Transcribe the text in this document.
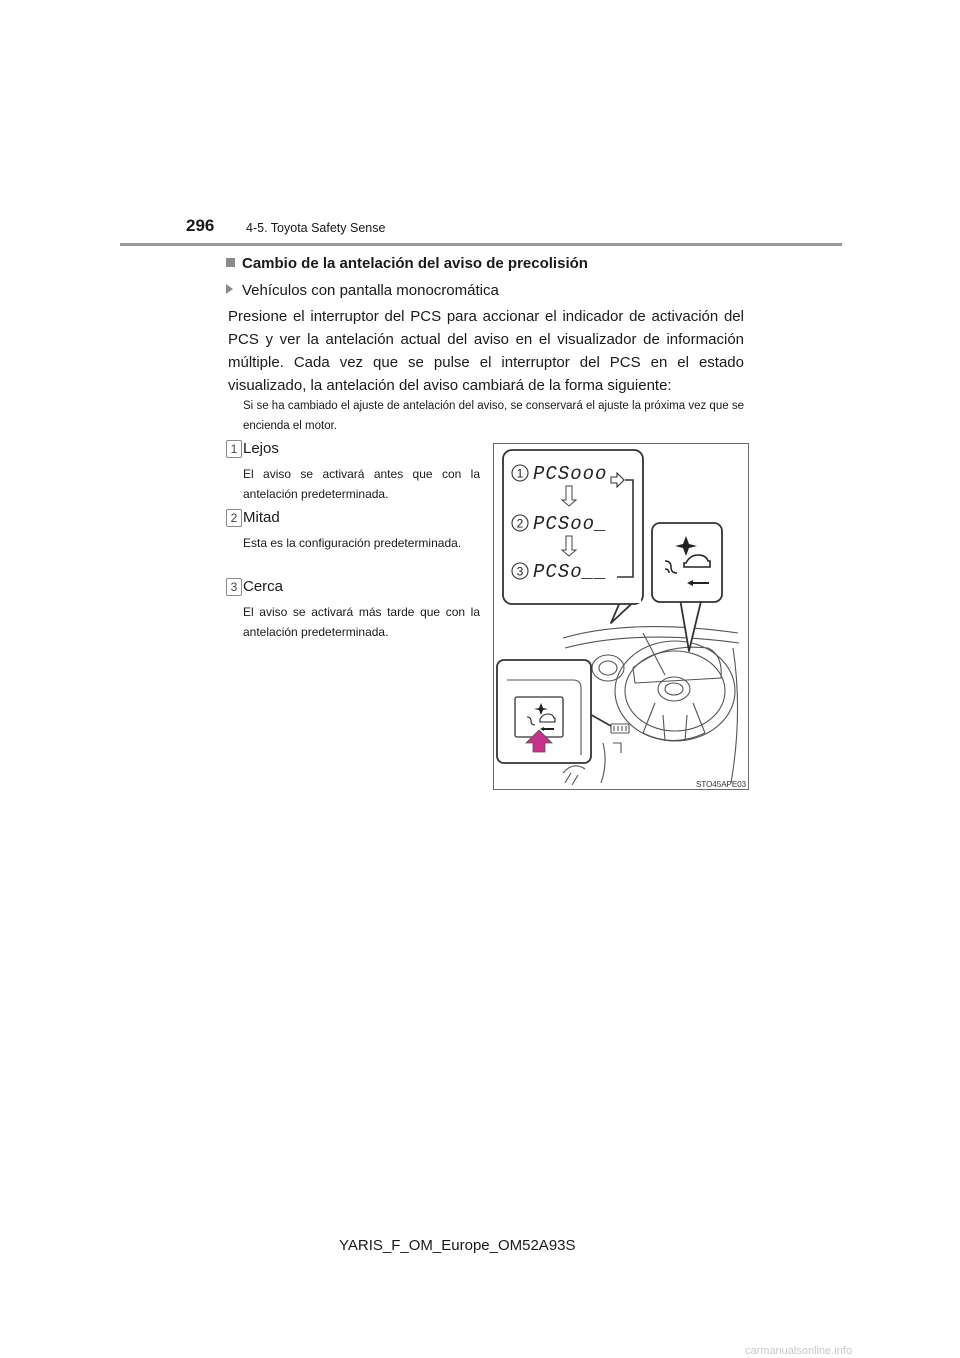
296	4-5. Toyota Safety Sense
Cambio de la antelación del aviso de precolisión
Vehículos con pantalla monocromática
Presione el interruptor del PCS para accionar el indicador de activación del PCS y ver la antelación actual del aviso en el visualizador de información múltiple. Cada vez que se pulse el interruptor del PCS en el estado visualizado, la antelación del aviso cambiará de la forma siguiente:
Si se ha cambiado el ajuste de antelación del aviso, se conservará el ajuste la próxima vez que se encienda el motor.
1 Lejos
El aviso se activará antes que con la antelación predeterminada.
2 Mitad
Esta es la configuración predeterminada.
3 Cerca
El aviso se activará más tarde que con la antelación predeterminada.
1 PCSooo
2 PCSoo_
3 PCSo__
STO45APE03
YARIS_F_OM_Europe_OM52A93S
carmanualsonline.info
